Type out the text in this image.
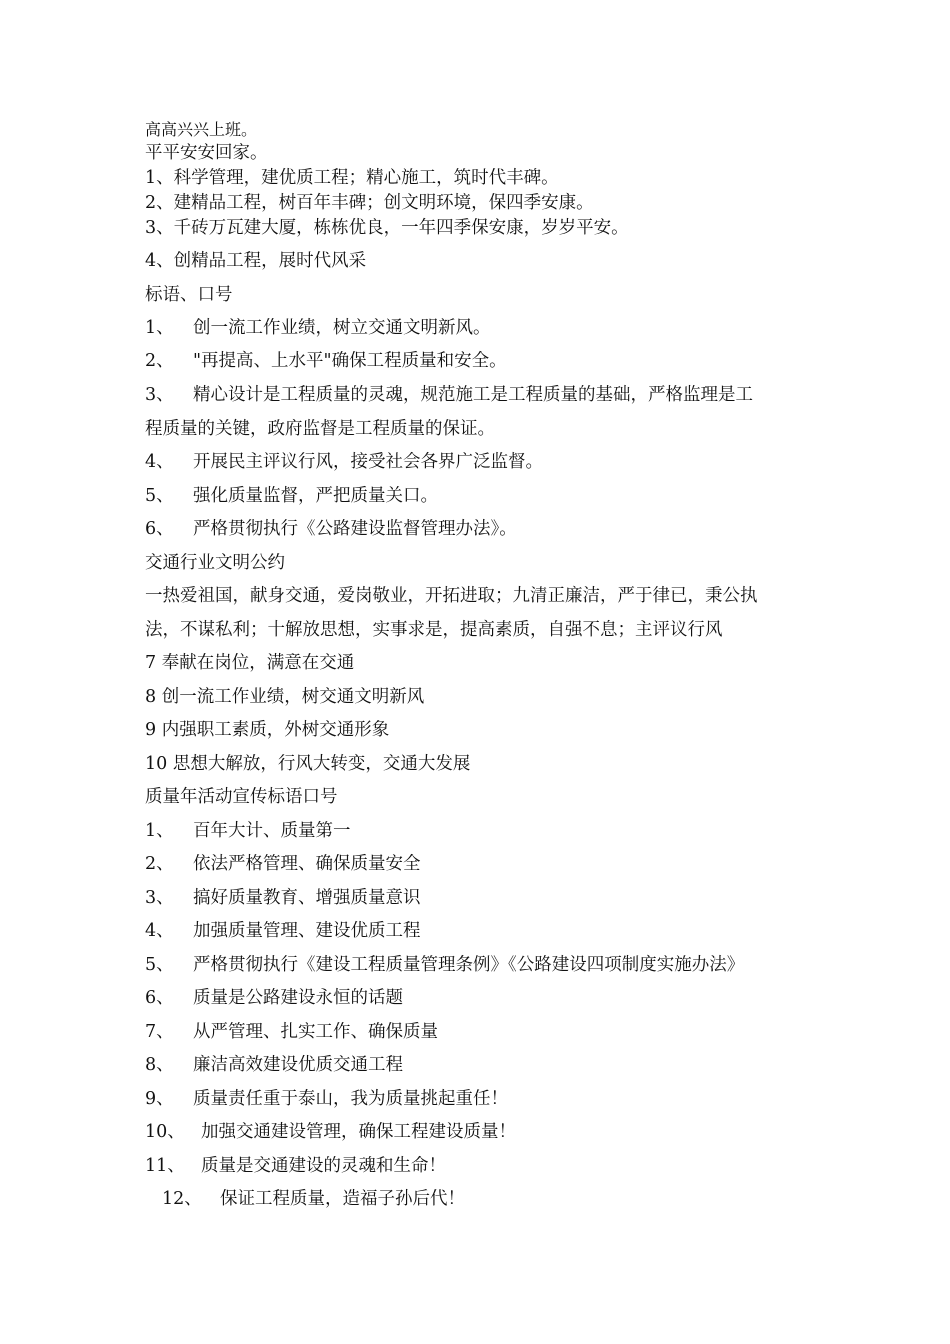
高高兴兴上班。
平平安安回家。
1、科学管理，建优质工程；精心施工，筑时代丰碑。
2、建精品工程，树百年丰碑；创文明环境，保四季安康。
3、千砖万瓦建大厦，栋栋优良，一年四季保安康，岁岁平安。
4、创精品工程，展时代风采
标语、口号
1、 创一流工作业绩，树立交通文明新风。
2、 "再提高、上水平"确保工程质量和安全。
3、 精心设计是工程质量的灵魂，规范施工是工程质量的基础，严格监理是工
程质量的关键，政府监督是工程质量的保证。
4、 开展民主评议行风，接受社会各界广泛监督。
5、 强化质量监督，严把质量关口。
6、 严格贯彻执行《公路建设监督管理办法》。
交通行业文明公约
一热爱祖国，献身交通，爱岗敬业，开拓进取；九清正廉洁，严于律已，秉公执
法，不谋私利；十解放思想，实事求是，提高素质，自强不息；主评议行风
7 奉献在岗位，满意在交通
8 创一流工作业绩，树交通文明新风
9 内强职工素质，外树交通形象
10 思想大解放，行风大转变，交通大发展
质量年活动宣传标语口号
1、 百年大计、质量第一
2、 依法严格管理、确保质量安全
3、 搞好质量教育、增强质量意识
4、 加强质量管理、建设优质工程
5、 严格贯彻执行《建设工程质量管理条例》《公路建设四项制度实施办法》
6、 质量是公路建设永恒的话题
7、 从严管理、扎实工作、确保质量
8、 廉洁高效建设优质交通工程
9、 质量责任重于泰山，我为质量挑起重任！
10、 加强交通建设管理，确保工程建设质量！
11、 质量是交通建设的灵魂和生命！
12、 保证工程质量，造福子孙后代！
